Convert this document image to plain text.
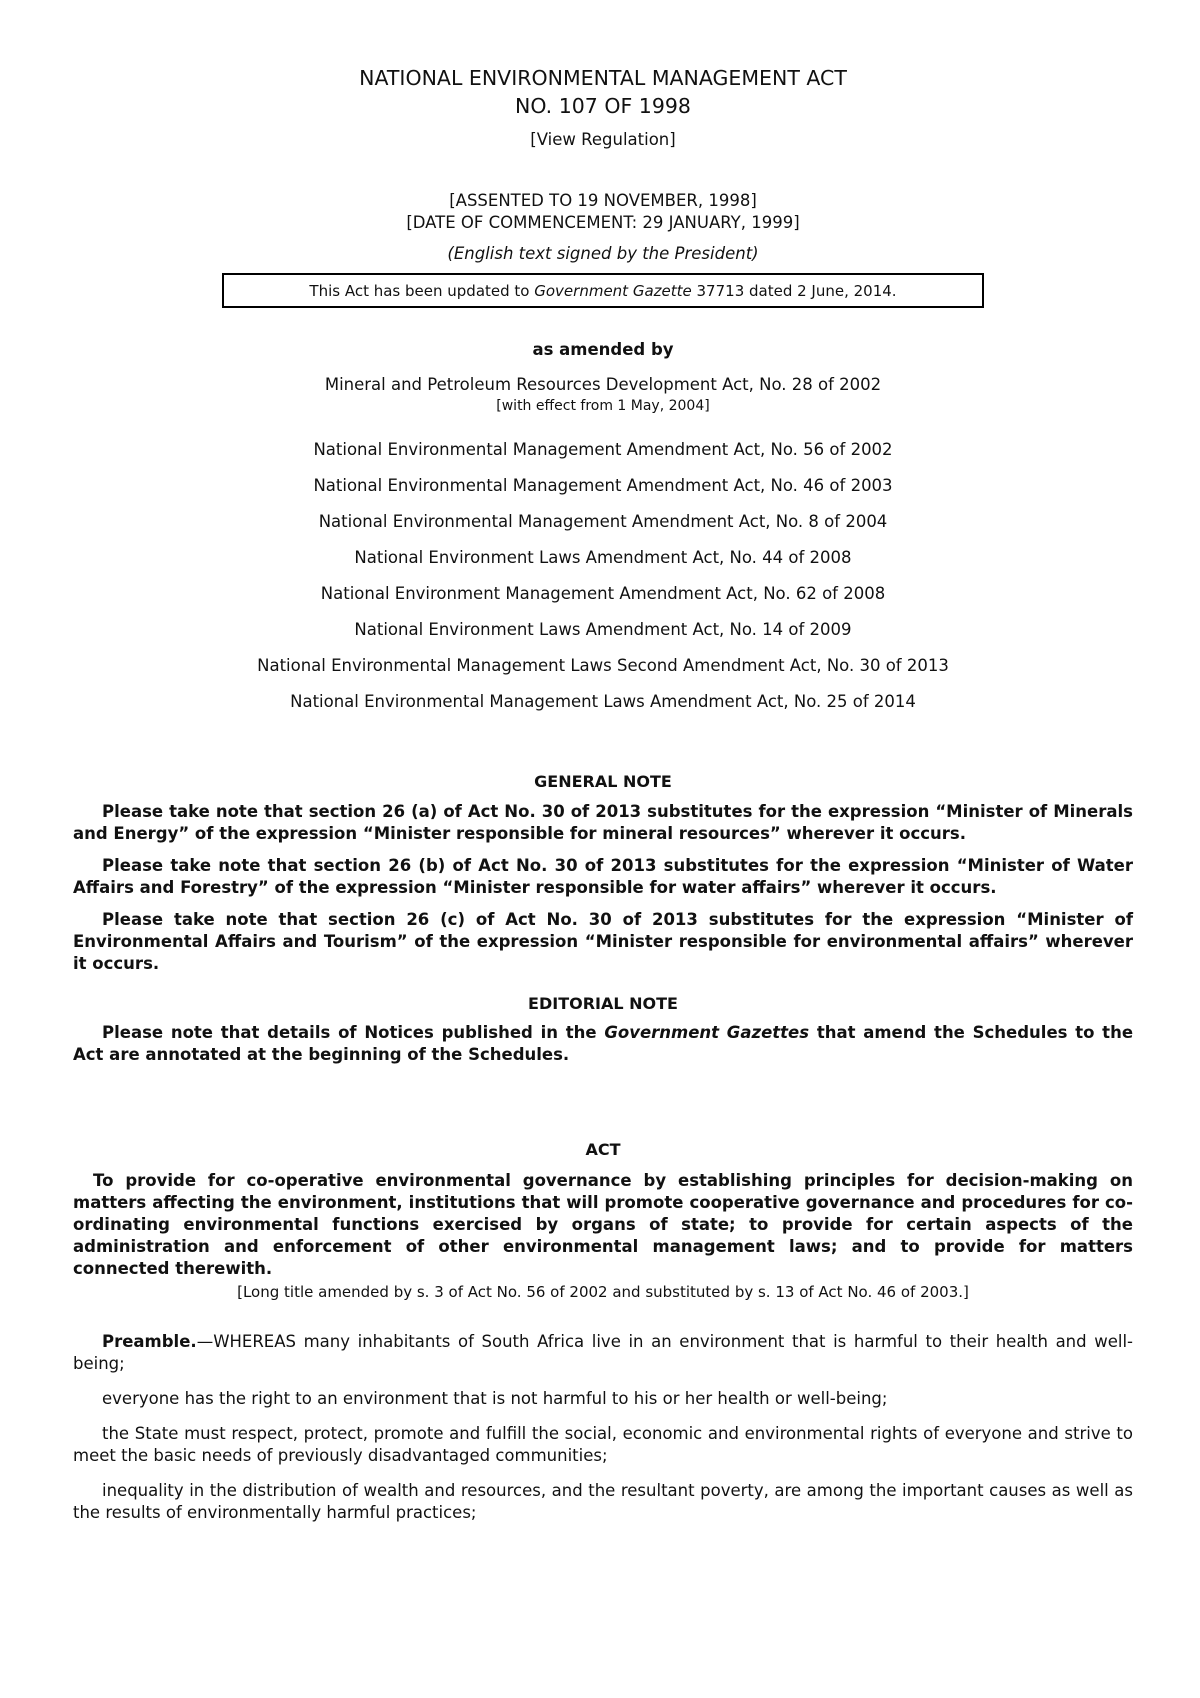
NATIONAL ENVIRONMENTAL MANAGEMENT ACT
NO. 107 OF 1998
[View Regulation]
[ASSENTED TO 19 NOVEMBER, 1998]
[DATE OF COMMENCEMENT: 29 JANUARY, 1999]
(English text signed by the President)
This Act has been updated to Government Gazette 37713 dated 2 June, 2014.
as amended by
Mineral and Petroleum Resources Development Act, No. 28 of 2002
[with effect from 1 May, 2004]
National Environmental Management Amendment Act, No. 56 of 2002
National Environmental Management Amendment Act, No. 46 of 2003
National Environmental Management Amendment Act, No. 8 of 2004
National Environment Laws Amendment Act, No. 44 of 2008
National Environment Management Amendment Act, No. 62 of 2008
National Environment Laws Amendment Act, No. 14 of 2009
National Environmental Management Laws Second Amendment Act, No. 30 of 2013
National Environmental Management Laws Amendment Act, No. 25 of 2014
GENERAL NOTE
Please take note that section 26 (a) of Act No. 30 of 2013 substitutes for the expression “Minister of Minerals and Energy” of the expression “Minister responsible for mineral resources” wherever it occurs.
Please take note that section 26 (b) of Act No. 30 of 2013 substitutes for the expression “Minister of Water Affairs and Forestry” of the expression “Minister responsible for water affairs” wherever it occurs.
Please take note that section 26 (c) of Act No. 30 of 2013 substitutes for the expression “Minister of Environmental Affairs and Tourism” of the expression “Minister responsible for environmental affairs” wherever it occurs.
EDITORIAL NOTE
Please note that details of Notices published in the Government Gazettes that amend the Schedules to the Act are annotated at the beginning of the Schedules.
ACT
To provide for co-operative environmental governance by establishing principles for decision-making on matters affecting the environment, institutions that will promote cooperative governance and procedures for co-ordinating environmental functions exercised by organs of state; to provide for certain aspects of the administration and enforcement of other environmental management laws; and to provide for matters connected therewith.
[Long title amended by s. 3 of Act No. 56 of 2002 and substituted by s. 13 of Act No. 46 of 2003.]
Preamble.—WHEREAS many inhabitants of South Africa live in an environment that is harmful to their health and well-being;
everyone has the right to an environment that is not harmful to his or her health or well-being;
the State must respect, protect, promote and fulfill the social, economic and environmental rights of everyone and strive to meet the basic needs of previously disadvantaged communities;
inequality in the distribution of wealth and resources, and the resultant poverty, are among the important causes as well as the results of environmentally harmful practices;
